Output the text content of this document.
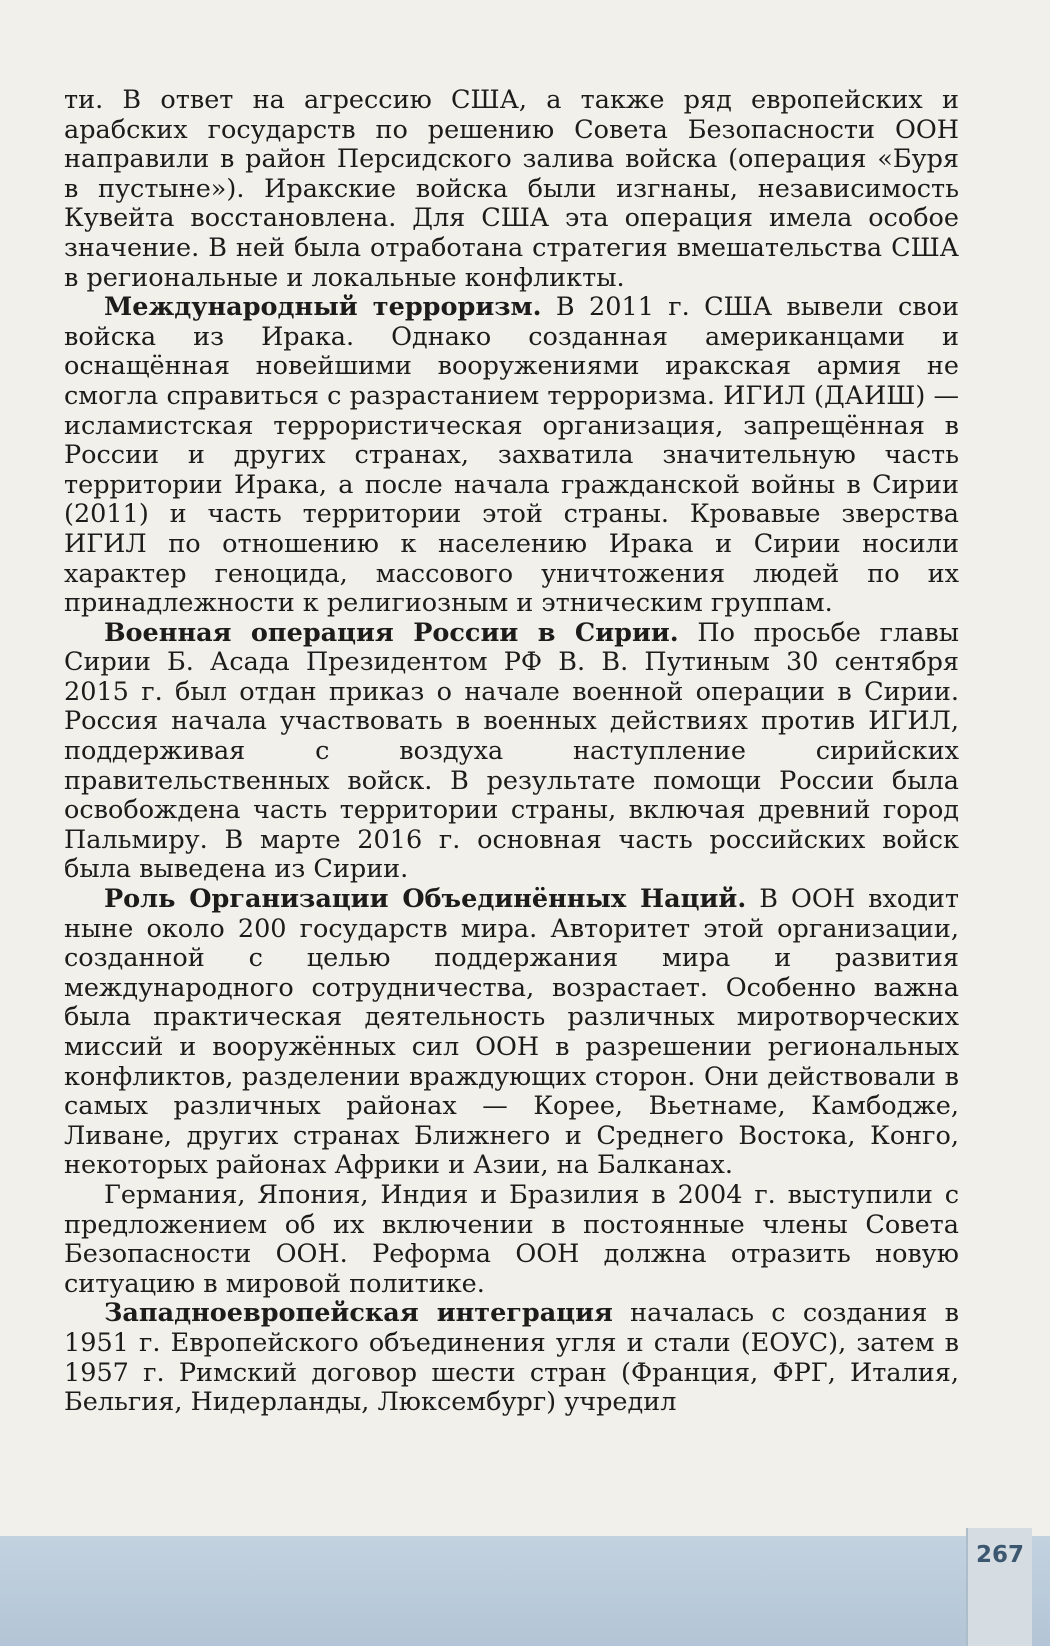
ти. В ответ на агрессию США, а также ряд европейских и арабских государств по решению Совета Безопасности ООН направили в район Персидского залива войска (операция «Буря в пустыне»). Иракские войска были изгнаны, независимость Кувейта восстановлена. Для США эта операция имела особое значение. В ней была отработана стратегия вмешательства США в региональные и локальные конфликты.

Международный терроризм. В 2011 г. США вывели свои войска из Ирака. Однако созданная американцами и оснащённая новейшими вооружениями иракская армия не смогла справиться с разрастанием терроризма. ИГИЛ (ДАИШ) — исламистская террористическая организация, запрещённая в России и других странах, захватила значительную часть территории Ирака, а после начала гражданской войны в Сирии (2011) и часть территории этой страны. Кровавые зверства ИГИЛ по отношению к населению Ирака и Сирии носили характер геноцида, массового уничтожения людей по их принадлежности к религиозным и этническим группам.

Военная операция России в Сирии. По просьбе главы Сирии Б. Асада Президентом РФ В. В. Путиным 30 сентября 2015 г. был отдан приказ о начале военной операции в Сирии. Россия начала участвовать в военных действиях против ИГИЛ, поддерживая с воздуха наступление сирийских правительственных войск. В результате помощи России была освобождена часть территории страны, включая древний город Пальмиру. В марте 2016 г. основная часть российских войск была выведена из Сирии.

Роль Организации Объединённых Наций. В ООН входит ныне около 200 государств мира. Авторитет этой организации, созданной с целью поддержания мира и развития международного сотрудничества, возрастает. Особенно важна была практическая деятельность различных миротворческих миссий и вооружённых сил ООН в разрешении региональных конфликтов, разделении враждующих сторон. Они действовали в самых различных районах — Корее, Вьетнаме, Камбодже, Ливане, других странах Ближнего и Среднего Востока, Конго, некоторых районах Африки и Азии, на Балканах.

Германия, Япония, Индия и Бразилия в 2004 г. выступили с предложением об их включении в постоянные члены Совета Безопасности ООН. Реформа ООН должна отразить новую ситуацию в мировой политике.

Западноевропейская интеграция началась с создания в 1951 г. Европейского объединения угля и стали (ЕОУС), затем в 1957 г. Римский договор шести стран (Франция, ФРГ, Италия, Бельгия, Нидерланды, Люксембург) учредил

267
